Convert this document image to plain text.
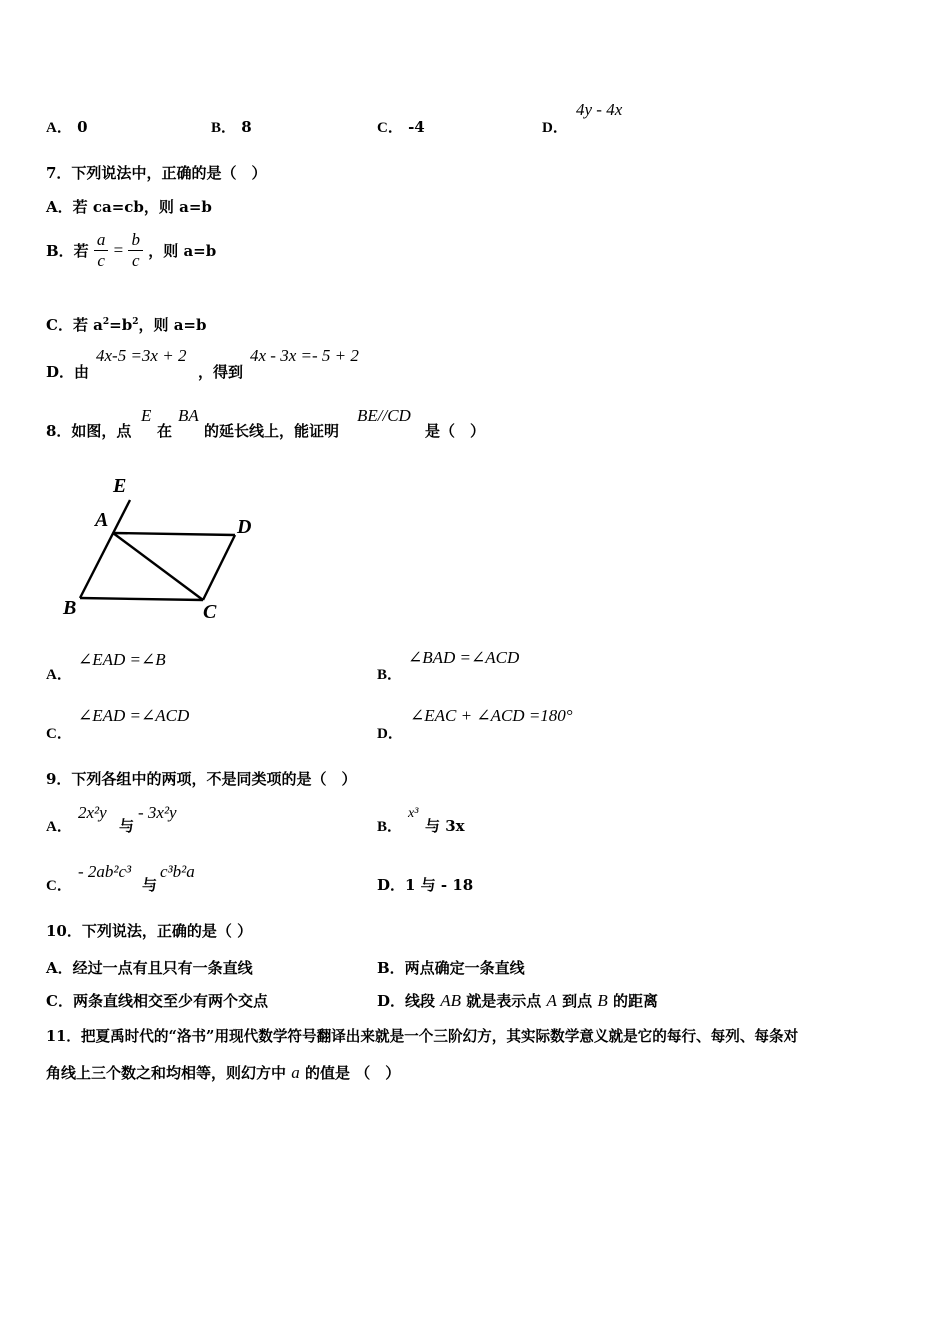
A． 0	B． 8	C． -4	D．
4y - 4x
7．下列说法中，正确的是（　）
A．若 ca=cb，则 a=b
B．若 $\frac{a}{c} = \frac{b}{c}$ ，则 a=b
C．若 $a^2=b^2$，则 a=b
D．由
4x-5 =3x + 2
，得到
4x - 3x =- 5 + 2
8．如图，点
E
在
BA
的延长线上，能证明
BE//CD
是（　）
E
A	D
B	C
A．
∠EAD =∠B
B．
∠BAD =∠ACD
C．
∠EAD =∠ACD
D．
∠EAC + ∠ACD =180°
9．下列各组中的两项，不是同类项的是（　）
A．
2x²y
与
- 3x²y
B．
x³
与 3x
C．
- 2ab²c³
与
c³b²a
D．1 与 - 18
10．下列说法，正确的是（ ）
A．经过一点有且只有一条直线	B．两点确定一条直线
C．两条直线相交至少有两个交点	D．线段 AB 就是表示点 A 到点 B 的距离
11．把夏禹时代的“洛书”用现代数学符号翻译出来就是一个三阶幻方，其实际数学意义就是它的每行、每列、每条对
角线上三个数之和均相等，则幻方中 a 的值是 （　）
